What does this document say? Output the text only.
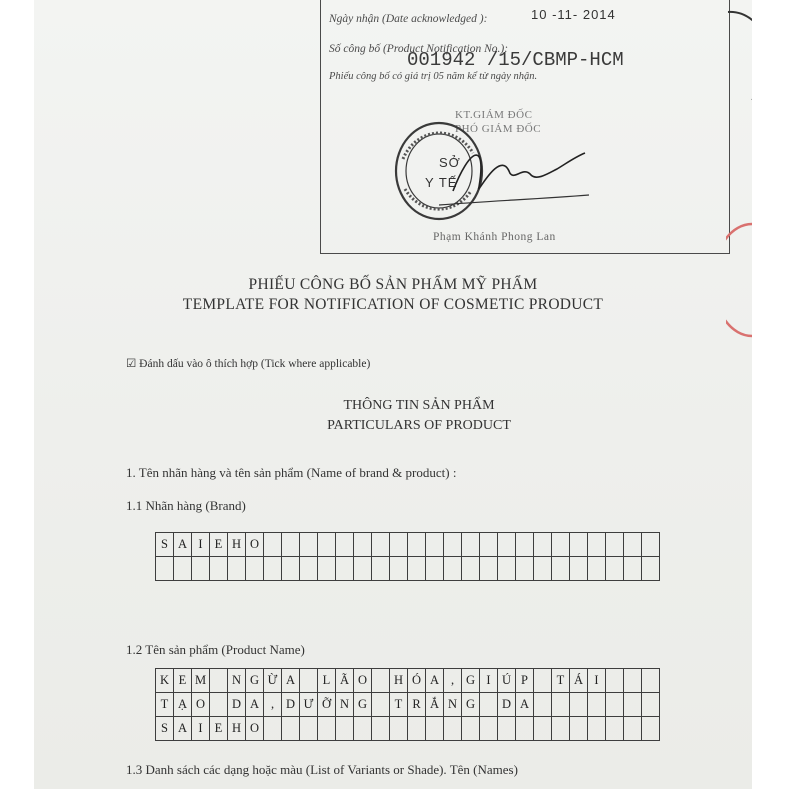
Ngày nhận (Date acknowledged ):	10 -11- 2014
Số công bố (Product Notification No.):
001942 /15/CBMP-HCM
Phiếu công bố có giá trị 05 năm kể từ ngày nhận.
KT.GIÁM ĐỐC
PHÓ GIÁM ĐỐC
SỞ
Y TẾ
Phạm Khánh Phong Lan
PHIẾU CÔNG BỐ SẢN PHẨM MỸ PHẨM
TEMPLATE FOR NOTIFICATION OF COSMETIC PRODUCT
☑ Đánh dấu vào ô thích hợp (Tick where applicable)
THÔNG TIN SẢN PHẨM
PARTICULARS OF PRODUCT
1. Tên nhãn hàng và tên sản phẩm (Name of brand & product) :
1.1 Nhãn hàng (Brand)
S	A	I	E	H	O																						

1.2 Tên sản phẩm (Product Name)
K	E	M		N	G	Ừ	A		L	Ã	O		H	Ó	A	,	G	I	Ú	P		T	Á	I			
T	Ạ	O		D	A	,	D	Ư	Ỡ	N	G		T	R	Ắ	N	G		D	A							
S	A	I	E	H	O																						
1.3 Danh sách các dạng hoặc màu (List of Variants or Shade). Tên (Names)
